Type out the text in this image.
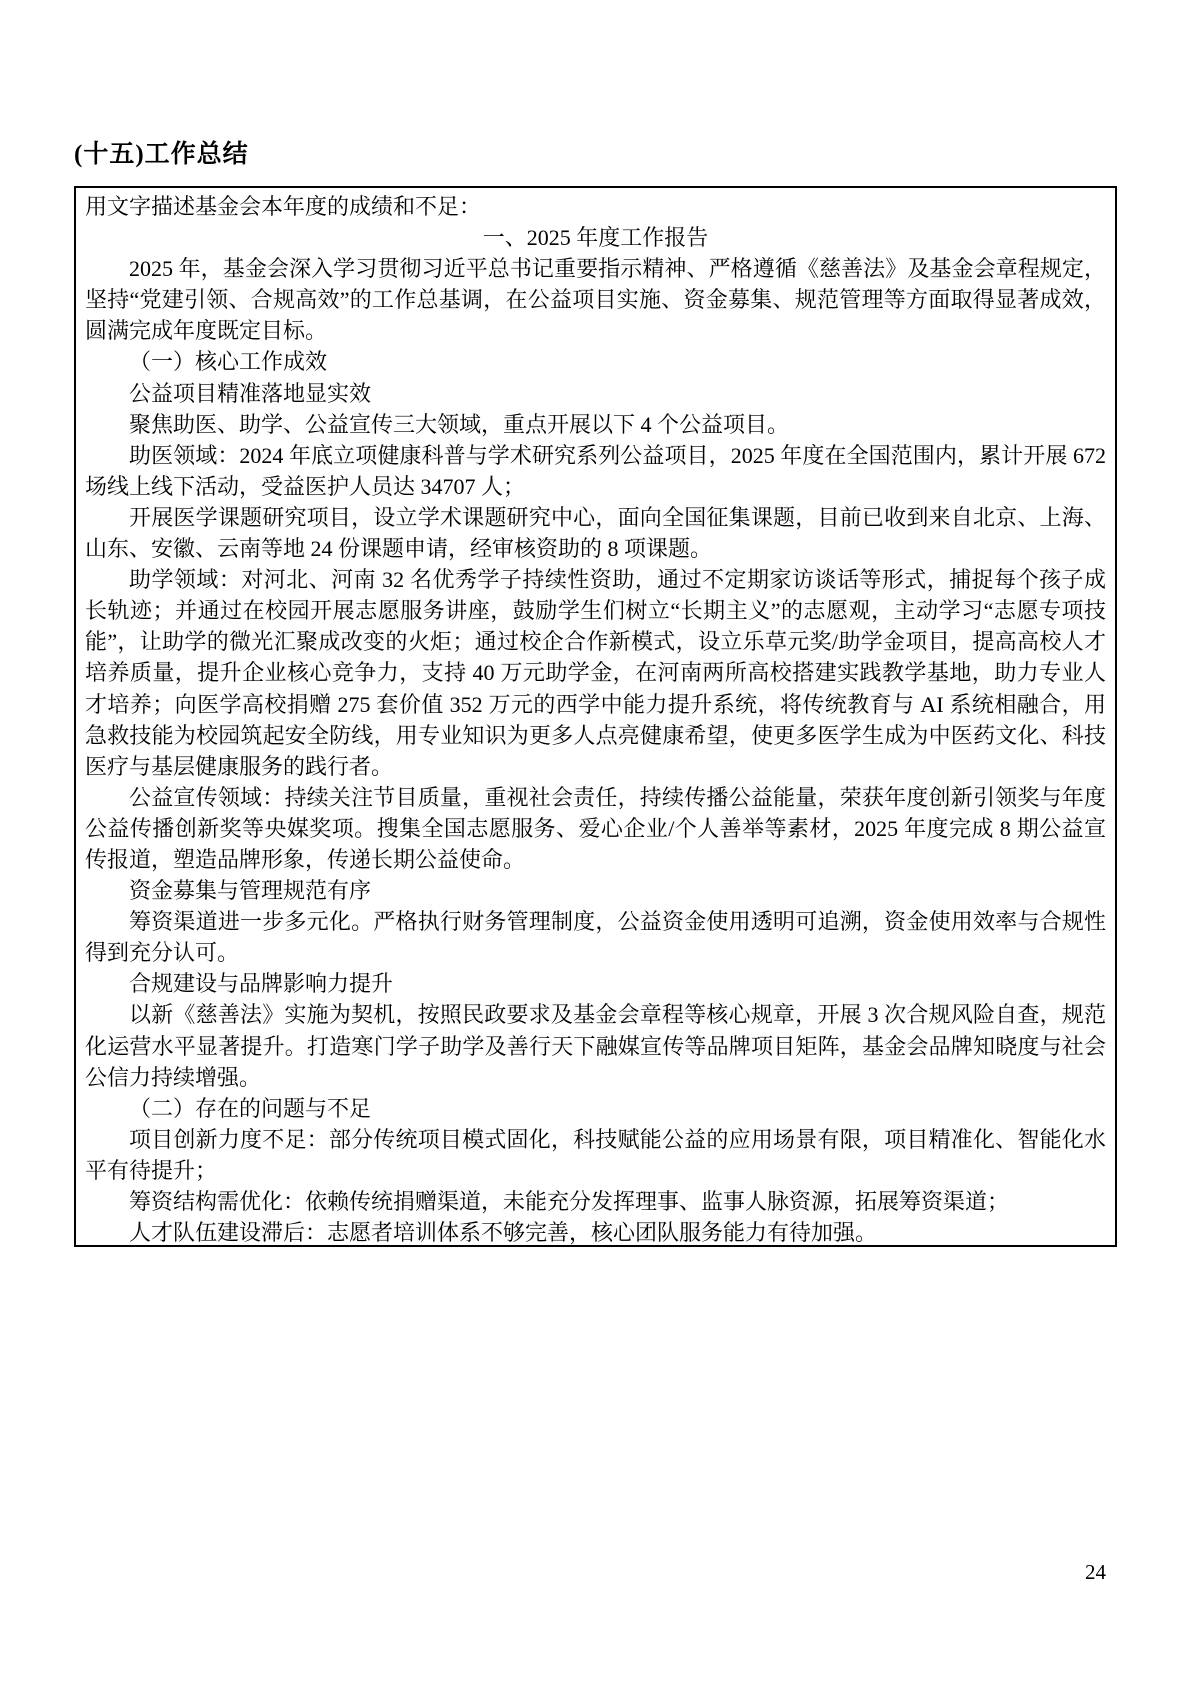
(十五)工作总结

用文字描述基金会本年度的成绩和不足：

一、2025 年度工作报告

2025 年，基金会深入学习贯彻习近平总书记重要指示精神、严格遵循《慈善法》及基金会章程规定，坚持“党建引领、合规高效”的工作总基调，在公益项目实施、资金募集、规范管理等方面取得显著成效，圆满完成年度既定目标。

（一）核心工作成效

公益项目精准落地显实效

聚焦助医、助学、公益宣传三大领域，重点开展以下 4 个公益项目。

助医领域：2024 年底立项健康科普与学术研究系列公益项目，2025 年度在全国范围内，累计开展 672 场线上线下活动，受益医护人员达 34707 人；

开展医学课题研究项目，设立学术课题研究中心，面向全国征集课题，目前已收到来自北京、上海、山东、安徽、云南等地 24 份课题申请，经审核资助的 8 项课题。

助学领域：对河北、河南 32 名优秀学子持续性资助，通过不定期家访谈话等形式，捕捉每个孩子成长轨迹；并通过在校园开展志愿服务讲座，鼓励学生们树立“长期主义”的志愿观，主动学习“志愿专项技能”，让助学的微光汇聚成改变的火炬；通过校企合作新模式，设立乐草元奖/助学金项目，提高高校人才培养质量，提升企业核心竞争力，支持 40 万元助学金，在河南两所高校搭建实践教学基地，助力专业人才培养；向医学高校捐赠 275 套价值 352 万元的西学中能力提升系统，将传统教育与 AI 系统相融合，用急救技能为校园筑起安全防线，用专业知识为更多人点亮健康希望，使更多医学生成为中医药文化、科技医疗与基层健康服务的践行者。

公益宣传领域：持续关注节目质量，重视社会责任，持续传播公益能量，荣获年度创新引领奖与年度公益传播创新奖等央媒奖项。搜集全国志愿服务、爱心企业/个人善举等素材，2025 年度完成 8 期公益宣传报道，塑造品牌形象，传递长期公益使命。

资金募集与管理规范有序

筹资渠道进一步多元化。严格执行财务管理制度，公益资金使用透明可追溯，资金使用效率与合规性得到充分认可。

合规建设与品牌影响力提升

以新《慈善法》实施为契机，按照民政要求及基金会章程等核心规章，开展 3 次合规风险自查，规范化运营水平显著提升。打造寒门学子助学及善行天下融媒宣传等品牌项目矩阵，基金会品牌知晓度与社会公信力持续增强。

（二）存在的问题与不足

项目创新力度不足：部分传统项目模式固化，科技赋能公益的应用场景有限，项目精准化、智能化水平有待提升；

筹资结构需优化：依赖传统捐赠渠道，未能充分发挥理事、监事人脉资源，拓展筹资渠道；

人才队伍建设滞后：志愿者培训体系不够完善，核心团队服务能力有待加强。

24
